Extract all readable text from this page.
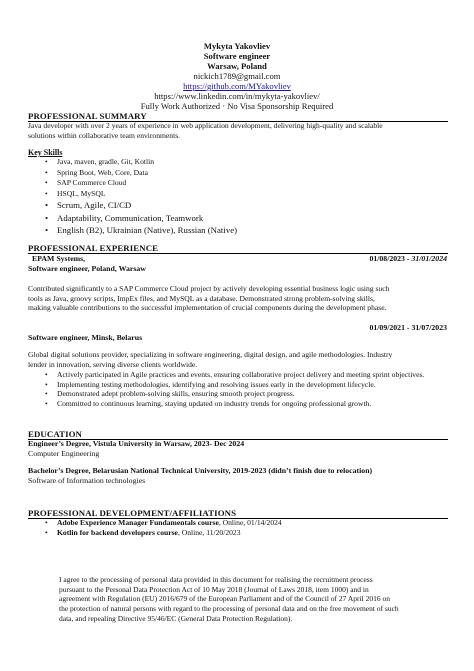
Mykyta Yakovliev
Software engineer
Warsaw, Poland
nickich1789@gmail.com
https://github.com/MYakovliev
https://www.linkedin.com/in/mykyta-yakovliev/
Fully Work Authorized · No Visa Sponsorship Required
PROFESSIONAL SUMMARY
Java developer with over 2 years of experience in web application development, delivering high-quality and scalable
solutions within collaborative team environments.
Key Skills
• Java, maven, gradle, Git, Kotlin
• Spring Boot, Web, Core, Data
• SAP Commerce Cloud
• HSQL, MySQL
• Scrum, Agile, CI/CD
• Adaptability, Communication, Teamwork
• English (B2), Ukrainian (Native), Russian (Native)
PROFESSIONAL EXPERIENCE
EPAM Systems,	01/08/2023 - 31/01/2024
Software engineer, Poland, Warsaw
Contributed significantly to a SAP Commerce Cloud project by actively developing essential business logic using such
tools as Java, groovy scripts, ImpEx files, and MySQL as a database. Demonstrated strong problem-solving skills,
making valuable contributions to the successful implementation of crucial components during the development phase.
01/09/2021 - 31/07/2023
Software engineer, Minsk, Belarus
Global digital solutions provider, specializing in software engineering, digital design, and agile methodologies. Industry
lender in innovation, serving diverse clients worldwide.
• Actively participated in Agile practices and events, ensuring collaborative project delivery and meeting sprint objectives.
• Implementing testing methodologies, identifying and resolving issues early in the development lifecycle.
• Demonstrated adept problem-solving skills, ensuring smooth project progress.
• Committed to continuous learning, staying updated on industry trends for ongoing professional growth.
EDUCATION
Engineer’s Degree, Vistula University in Warsaw, 2023- Dec 2024
Computer Engineering
Bachelor’s Degree, Belarusian National Technical University, 2019-2023 (didn’t finish due to relocation)
Software of Information technologies
PROFESSIONAL DEVELOPMENT/AFFILIATIONS
• Adobe Experience Manager Fundamentals course, Online, 01/14/2024
• Kotlin for backend developers course, Online, 11/20/2023
I agree to the processing of personal data provided in this document for realising the recruitment process
pursuant to the Personal Data Protection Act of 10 May 2018 (Journal of Laws 2018, item 1000) and in
agreement with Regulation (EU) 2016/679 of the European Parliament and of the Council of 27 April 2016 on
the protection of natural persons with regard to the processing of personal data and on the free movement of such
data, and repealing Directive 95/46/EC (General Data Protection Regulation).
